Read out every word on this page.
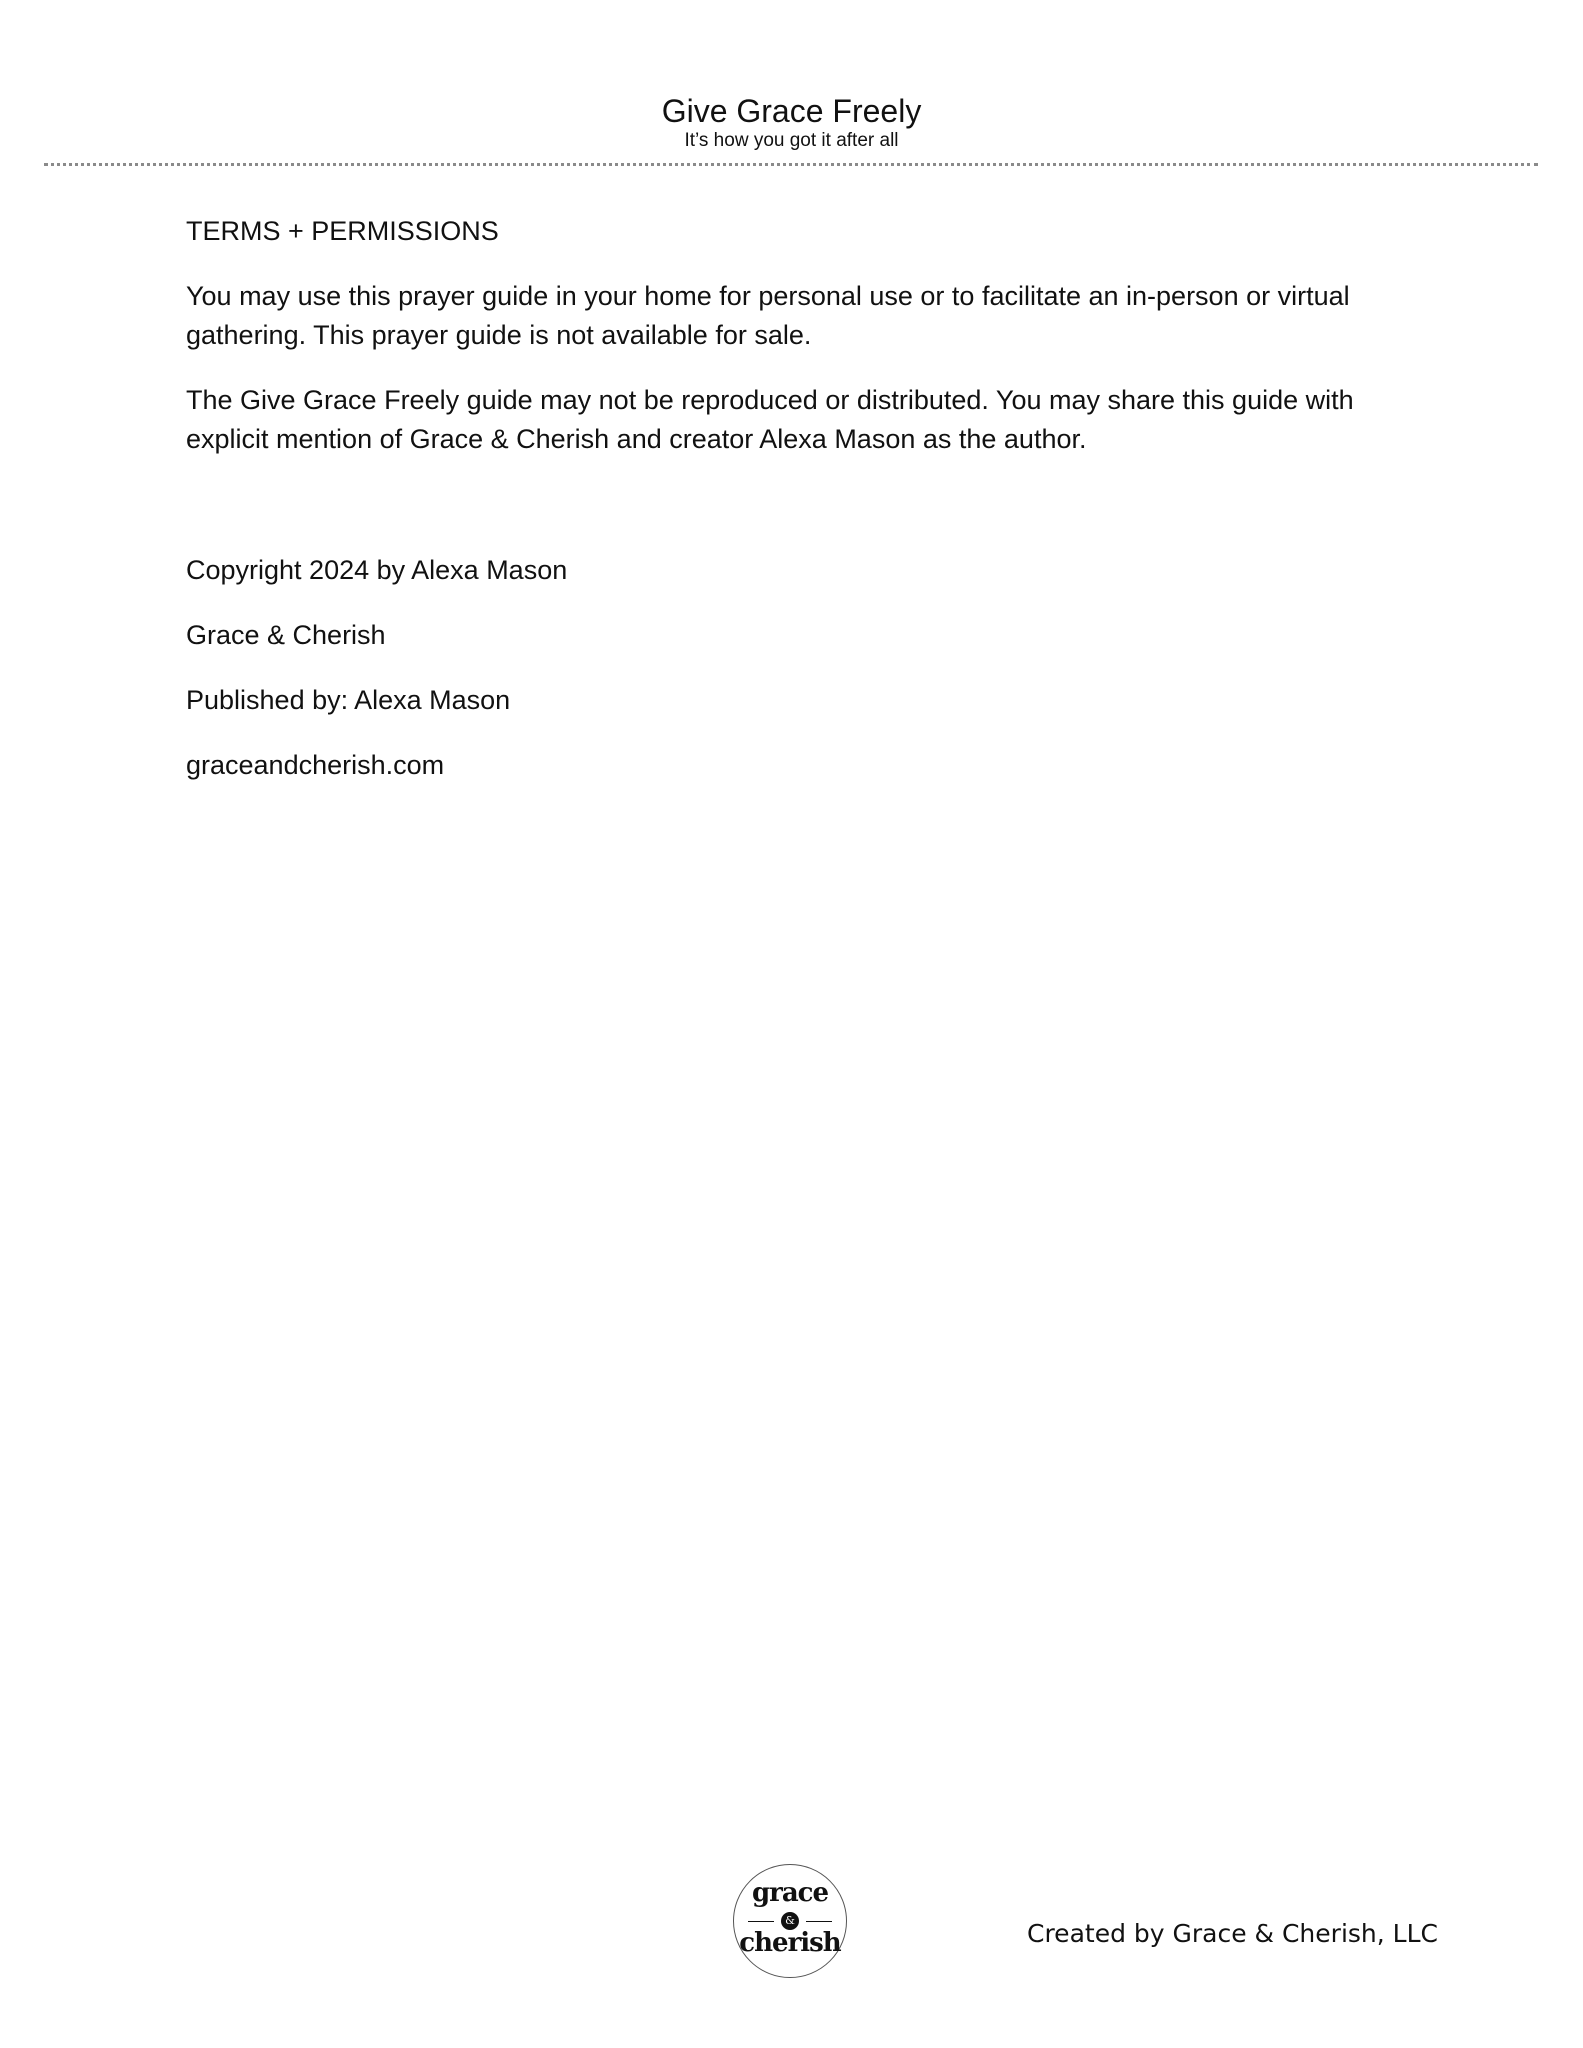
Give Grace Freely

It’s how you got it after all

TERMS + PERMISSIONS

You may use this prayer guide in your home for personal use or to facilitate an in-person or virtual gathering. This prayer guide is not available for sale.

The Give Grace Freely guide may not be reproduced or distributed. You may share this guide with explicit mention of Grace & Cherish and creator Alexa Mason as the author.

Copyright 2024 by Alexa Mason

Grace & Cherish

Published by: Alexa Mason

graceandcherish.com

grace
&
cherish	Created by Grace & Cherish, LLC
